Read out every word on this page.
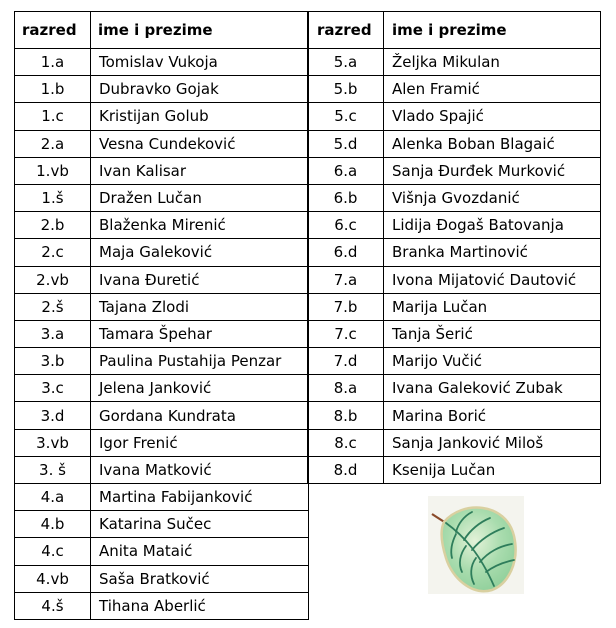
razred	ime i prezime
1.a	Tomislav Vukoja
1.b	Dubravko Gojak
1.c	Kristijan Golub
2.a	Vesna Cundeković
1.vb	Ivan Kalisar
1.š	Dražen Lučan
2.b	Blaženka Mirenić
2.c	Maja Galeković
2.vb	Ivana Đuretić
2.š	Tajana Zlodi
3.a	Tamara Špehar
3.b	Paulina Pustahija Penzar
3.c	Jelena Janković
3.d	Gordana Kundrata
3.vb	Igor Frenić
3. š	Ivana Matković
4.a	Martina Fabijanković
4.b	Katarina Sučec
4.c	Anita Mataić
4.vb	Saša Bratković
4.š	Tihana Aberlić
razred	ime i prezime
5.a	Željka Mikulan
5.b	Alen Framić
5.c	Vlado Spajić
5.d	Alenka Boban Blagaić
6.a	Sanja Đurđek Murković
6.b	Višnja Gvozdanić
6.c	Lidija Đogaš Batovanja
6.d	Branka Martinović
7.a	Ivona Mijatović Dautović
7.b	Marija Lučan
7.c	Tanja Šerić
7.d	Marijo Vučić
8.a	Ivana Galeković Zubak
8.b	Marina Borić
8.c	Sanja Janković Miloš
8.d	Ksenija Lučan
